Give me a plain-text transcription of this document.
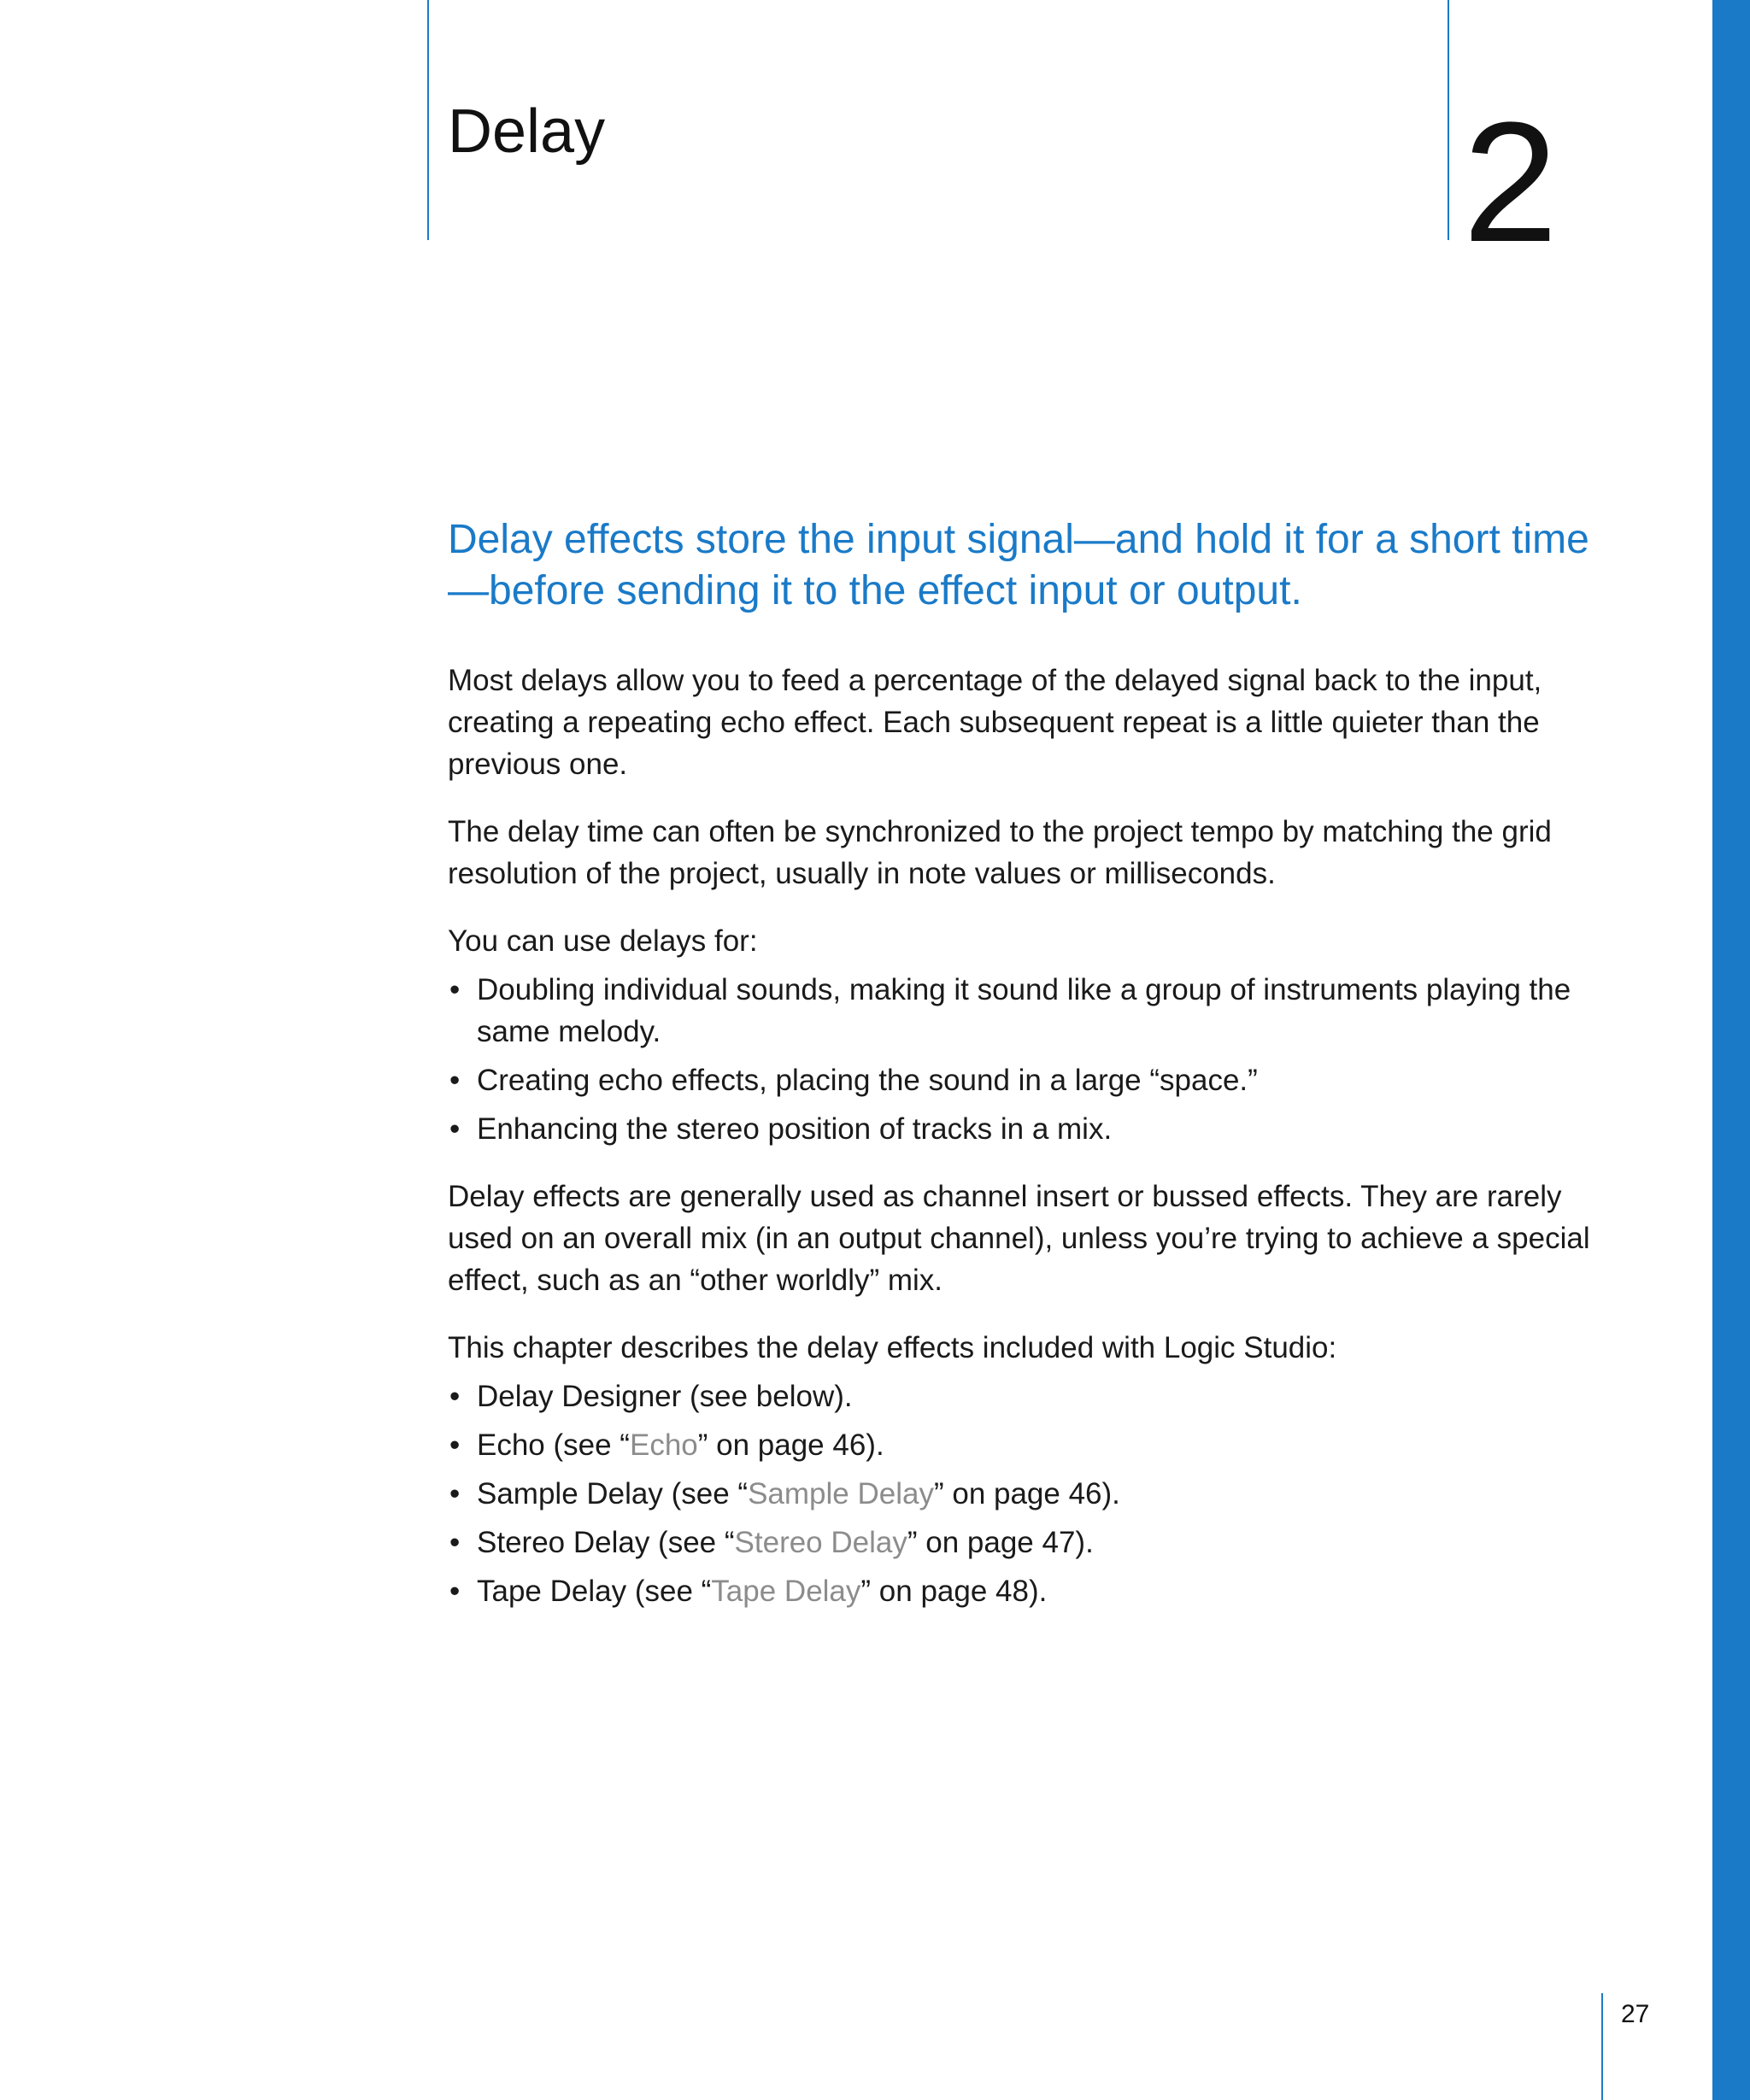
Delay	2

Delay effects store the input signal—and hold it for a short time—before sending it to the effect input or output.

Most delays allow you to feed a percentage of the delayed signal back to the input, creating a repeating echo effect. Each subsequent repeat is a little quieter than the previous one.

The delay time can often be synchronized to the project tempo by matching the grid resolution of the project, usually in note values or milliseconds.

You can use delays for:

• Doubling individual sounds, making it sound like a group of instruments playing the same melody.
• Creating echo effects, placing the sound in a large “space.”
• Enhancing the stereo position of tracks in a mix.

Delay effects are generally used as channel insert or bussed effects. They are rarely used on an overall mix (in an output channel), unless you’re trying to achieve a special effect, such as an “other worldly” mix.

This chapter describes the delay effects included with Logic Studio:

• Delay Designer (see below).
• Echo (see “Echo” on page 46).
• Sample Delay (see “Sample Delay” on page 46).
• Stereo Delay (see “Stereo Delay” on page 47).
• Tape Delay (see “Tape Delay” on page 48).
27
